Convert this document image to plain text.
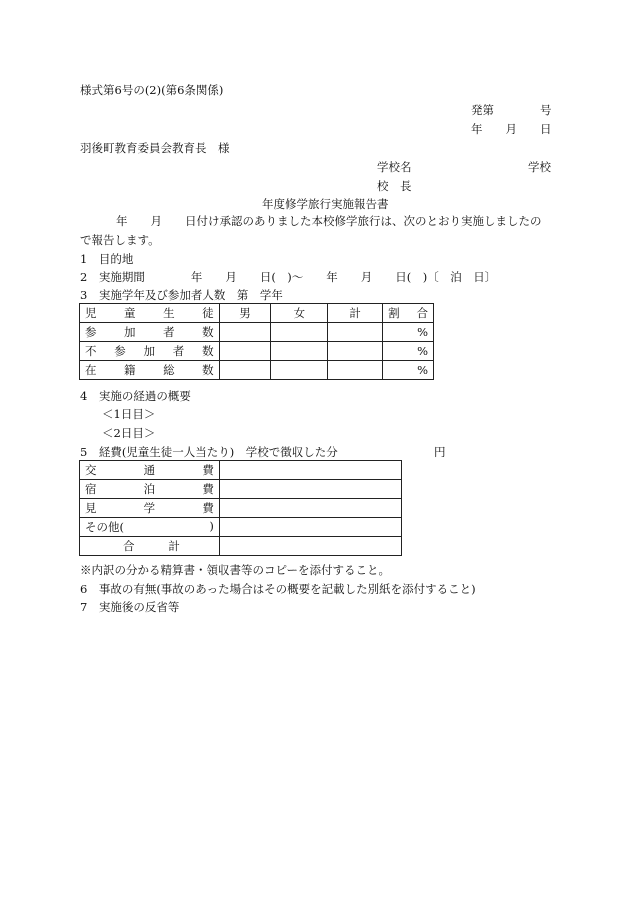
様式第6号の(2)(第6条関係)
発第　　　　号
年　　月　　日
羽後町教育委員会教育長　様
学校名	学校
校　長
年度修学旅行実施報告書
年　　月　　日付け承認のありました本校修学旅行は、次のとおり実施しましたの
で報告します。
1　目的地
2　実施期間　　　　年　　月　　日(　)〜　　年　　月　　日(　)〔　泊　日〕
3　実施学年及び参加者人数　第　学年
児 童 生 徒	男	女	計	割 合

参 加 者 数				%

不 参 加 者 数				%

在 籍 総 数				%
4　実施の経過の概要
＜1日目＞
＜2日目＞
5　経費(児童生徒一人当たり)　学校で徴収した分	円
交 通 費	

宿 泊 費	

見 学 費	

その他( )	

合 計	

※内訳の分かる精算書・領収書等のコピーを添付すること。
6　事故の有無(事故のあった場合はその概要を記載した別紙を添付すること)
7　実施後の反省等
